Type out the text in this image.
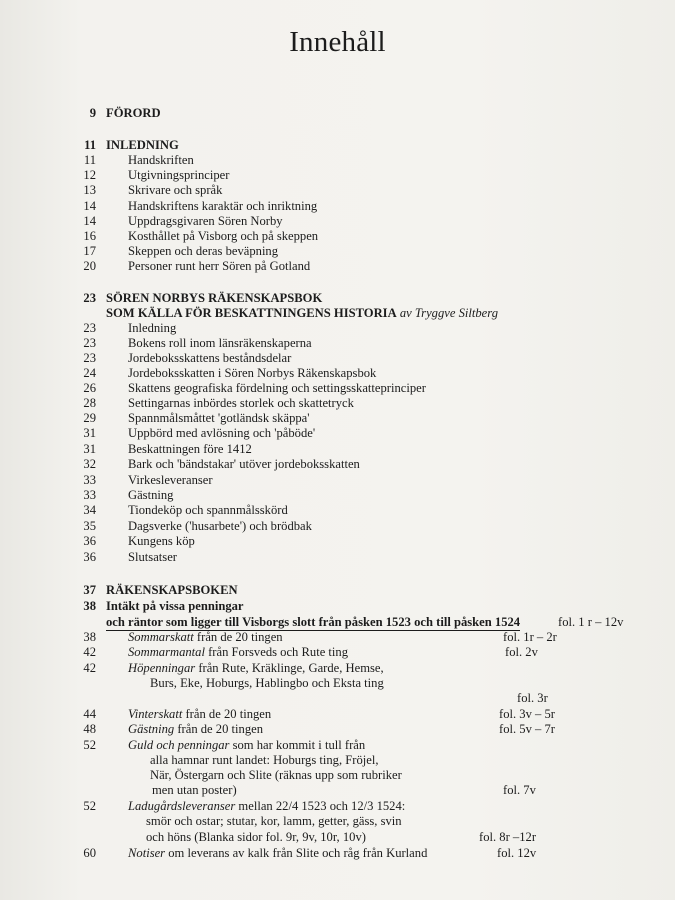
Innehåll
9 FÖRORD
11 INLEDNING
11	Handskriften
12	Utgivningsprinciper
13	Skrivare och språk
14	Handskriftens karaktär och inriktning
14	Uppdragsgivaren Sören Norby
16	Kosthållet på Visborg och på skeppen
17	Skeppen och deras beväpning
20	Personer runt herr Sören på Gotland
23 SÖREN NORBYS RÄKENSKAPSBOK
SOM KÄLLA FÖR BESKATTNINGENS HISTORIA av Tryggve Siltberg
23	Inledning
23	Bokens roll inom länsräkenskaperna
23	Jordeboksskattens beståndsdelar
24	Jordeboksskatten i Sören Norbys Räkenskapsbok
26	Skattens geografiska fördelning och settingsskatteprinciper
28	Settingarnas inbördes storlek och skattetryck
29	Spannmålsmåttet 'gotländsk skäppa'
31	Uppbörd med avlösning och 'påböde'
31	Beskattningen före 1412
32	Bark och 'bändstakar' utöver jordeboksskatten
33	Virkesleveranser
33	Gästning
34	Tiondeköp och spannmålsskörd
35	Dagsverke ('husarbete') och brödbak
36	Kungens köp
36	Slutsatser
37 RÄKENSKAPSBOKEN
38 Intäkt på vissa penningar
och räntor som ligger till Visborgs slott från påsken 1523 och till påsken 1524	fol. 1 r – 12v
38	Sommarskatt från de 20 tingen	fol. 1r – 2r
42	Sommarmantal från Forsveds och Rute ting	fol. 2v
42	Höpenningar från Rute, Kräklinge, Garde, Hemse,
Burs, Eke, Hoburgs, Hablingbo och Eksta ting
fol. 3r
44	Vinterskatt från de 20 tingen	fol. 3v – 5r
48	Gästning från de 20 tingen	fol. 5v – 7r
52	Guld och penningar som har kommit i tull från
alla hamnar runt landet: Hoburgs ting, Fröjel,
När, Östergarn och Slite (räknas upp som rubriker
men utan poster)	fol. 7v
52	Ladugårdsleveranser mellan 22/4 1523 och 12/3 1524:
smör och ostar; stutar, kor, lamm, getter, gäss, svin
och höns (Blanka sidor fol. 9r, 9v, 10r, 10v)	fol. 8r –12r
60	Notiser om leverans av kalk från Slite och råg från Kurland	fol. 12v
